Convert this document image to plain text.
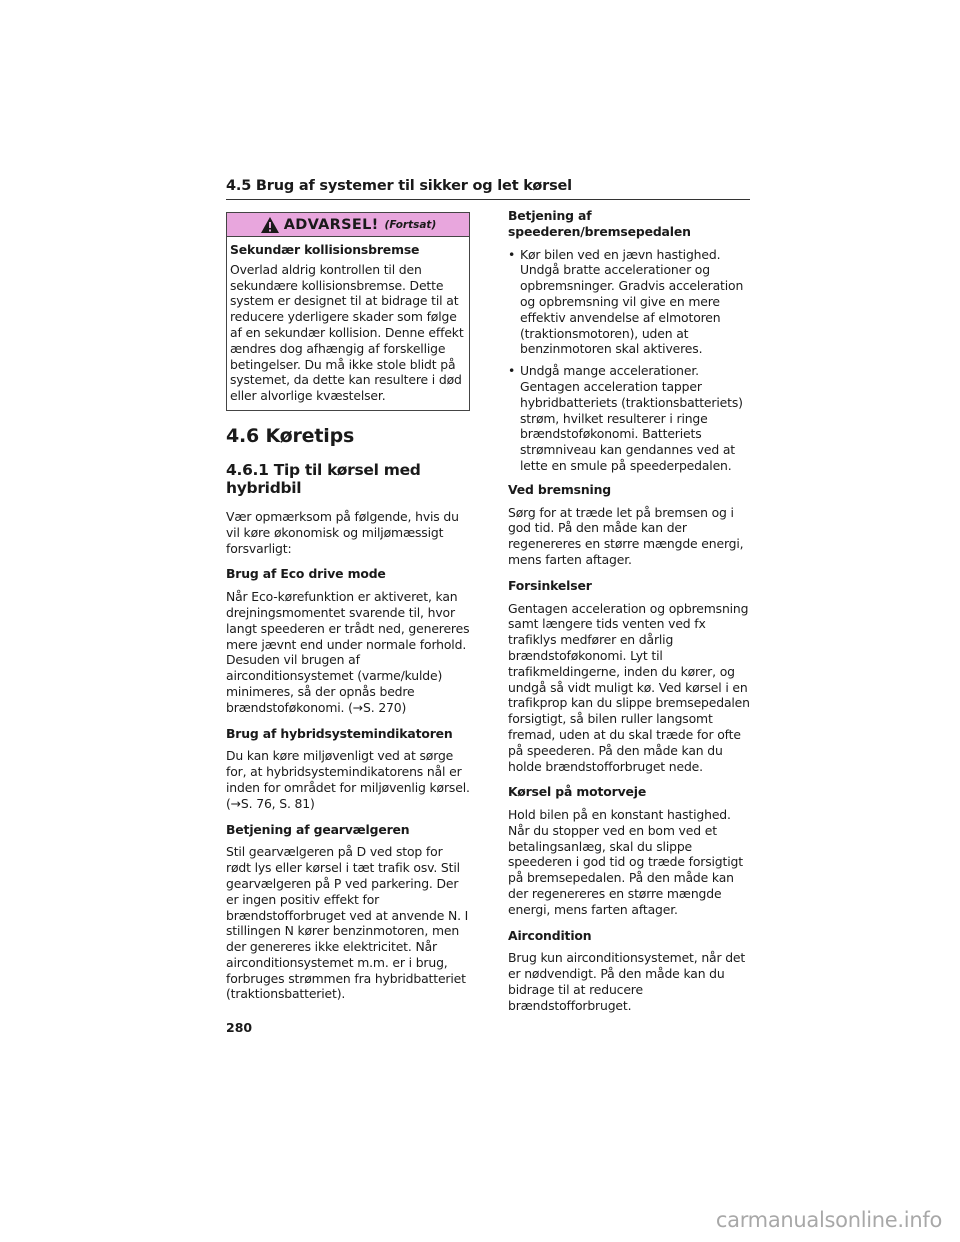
4.5 Brug af systemer til sikker og let kørsel
ADVARSEL! (Fortsat)

Sekundær kollisionsbremse

Overlad aldrig kontrollen til den sekundære kollisionsbremse. Dette system er designet til at bidrage til at reducere yderligere skader som følge af en sekundær kollision. Denne effekt ændres dog afhængig af forskellige betingelser. Du må ikke stole blidt på systemet, da dette kan resultere i død eller alvorlige kvæstelser.

4.6 Køretips
4.6.1 Tip til kørsel med hybridbil

Vær opmærksom på følgende, hvis du vil køre økonomisk og miljømæssigt forsvarligt:

Brug af Eco drive mode

Når Eco-kørefunktion er aktiveret, kan drejningsmomentet svarende til, hvor langt speederen er trådt ned, genereres mere jævnt end under normale forhold. Desuden vil brugen af airconditionsystemet (varme/kulde) minimeres, så der opnås bedre brændstoføkonomi. (→S. 270)

Brug af hybridsystemindikatoren

Du kan køre miljøvenligt ved at sørge for, at hybridsystemindikatorens nål er inden for området for miljøvenlig kørsel. (→S. 76, S. 81)

Betjening af gearvælgeren

Stil gearvælgeren på D ved stop for rødt lys eller kørsel i tæt trafik osv. Stil gearvælgeren på P ved parkering. Der er ingen positiv effekt for brændstofforbruget ved at anvende N. I stillingen N kører benzinmotoren, men der genereres ikke elektricitet. Når airconditionsystemet m.m. er i brug, forbruges strømmen fra hybridbatteriet (traktionsbatteriet).

Betjening af speederen/bremsepedalen

• Kør bilen ved en jævn hastighed. Undgå bratte accelerationer og opbremsninger. Gradvis acceleration og opbremsning vil give en mere effektiv anvendelse af elmotoren (traktionsmotoren), uden at benzinmotoren skal aktiveres.

• Undgå mange accelerationer. Gentagen acceleration tapper hybridbatteriets (traktionsbatteriets) strøm, hvilket resulterer i ringe brændstoføkonomi. Batteriets strømniveau kan gendannes ved at lette en smule på speederpedalen.

Ved bremsning

Sørg for at træde let på bremsen og i god tid. På den måde kan der regenereres en større mængde energi, mens farten aftager.

Forsinkelser

Gentagen acceleration og opbremsning samt længere tids venten ved fx trafiklys medfører en dårlig brændstoføkonomi. Lyt til trafikmeldingerne, inden du kører, og undgå så vidt muligt kø. Ved kørsel i en trafikprop kan du slippe bremsepedalen forsigtigt, så bilen ruller langsomt fremad, uden at du skal træde for ofte på speederen. På den måde kan du holde brændstofforbruget nede.

Kørsel på motorveje

Hold bilen på en konstant hastighed. Når du stopper ved en bom ved et betalingsanlæg, skal du slippe speederen i god tid og træde forsigtigt på bremsepedalen. På den måde kan der regenereres en større mængde energi, mens farten aftager.

Aircondition

Brug kun airconditionsystemet, når det er nødvendigt. På den måde kan du bidrage til at reducere brændstofforbruget.

280
carmanualsonline.info
